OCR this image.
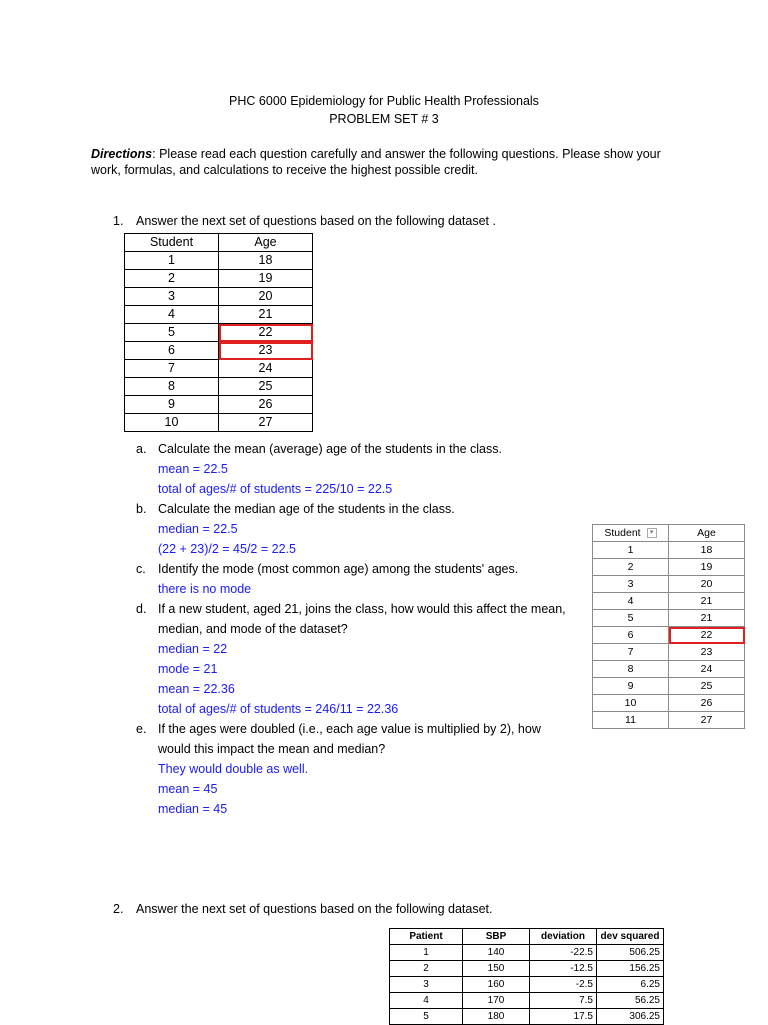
PHC 6000 Epidemiology for Public Health Professionals
PROBLEM SET # 3
Directions: Please read each question carefully and answer the following questions. Please show your
work, formulas, and calculations to receive the highest possible credit.
1. Answer the next set of questions based on the following dataset .
Student	Age
1	18
2	19
3	20
4	21
5	22
6	23
7	24
8	25
9	26
10	27
a. Calculate the mean (average) age of the students in the class.
mean = 22.5
total of ages/# of students = 225/10 = 22.5
b. Calculate the median age of the students in the class.
median = 22.5
(22 + 23)/2 = 45/2 = 22.5
c. Identify the mode (most common age) among the students' ages.
there is no mode
d. If a new student, aged 21, joins the class, how would this affect the mean,
median, and mode of the dataset?
median = 22
mode = 21
mean = 22.36
total of ages/# of students = 246/11 = 22.36
e. If the ages were doubled (i.e., each age value is multiplied by 2), how
would this impact the mean and median?
They would double as well.
mean = 45
median = 45
Student ▾	Age
1	18
2	19
3	20
4	21
5	21
6	22
7	23
8	24
9	25
10	26
11	27
2. Answer the next set of questions based on the following dataset.
Patient	SBP	deviation	dev squared
1	140	-22.5	506.25
2	150	-12.5	156.25
3	160	-2.5	6.25
4	170	7.5	56.25
5	180	17.5	306.25
